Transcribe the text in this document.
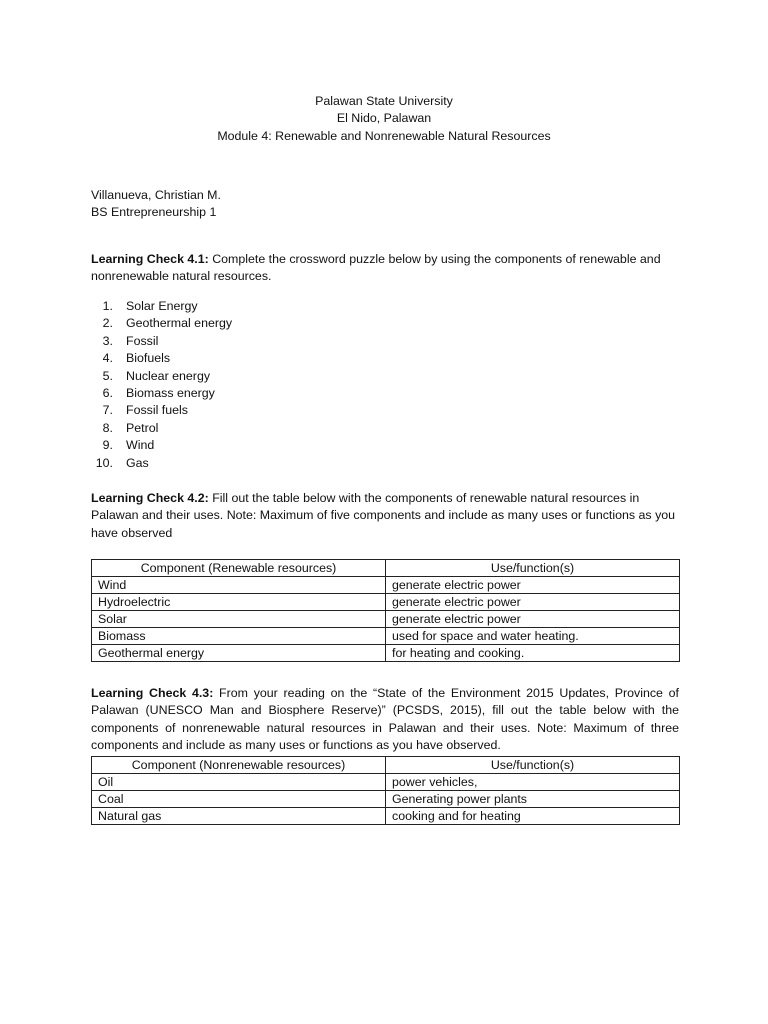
Palawan State University
El Nido, Palawan
Module 4: Renewable and Nonrenewable Natural Resources
Villanueva, Christian M.
BS Entrepreneurship 1
Learning Check 4.1: Complete the crossword puzzle below by using the components of renewable and nonrenewable natural resources.
1. Solar Energy
2. Geothermal energy
3. Fossil
4. Biofuels
5. Nuclear energy
6. Biomass energy
7. Fossil fuels
8. Petrol
9. Wind
10. Gas
Learning Check 4.2: Fill out the table below with the components of renewable natural resources in Palawan and their uses. Note: Maximum of five components and include as many uses or functions as you have observed
Component (Renewable resources)	Use/function(s)
Wind	generate electric power
Hydroelectric	generate electric power
Solar	generate electric power
Biomass	used for space and water heating.
Geothermal energy	for heating and cooking.
Learning Check 4.3: From your reading on the “State of the Environment 2015 Updates, Province of Palawan (UNESCO Man and Biosphere Reserve)” (PCSDS, 2015), fill out the table below with the components of nonrenewable natural resources in Palawan and their uses. Note: Maximum of three components and include as many uses or functions as you have observed.
Component (Nonrenewable resources)	Use/function(s)
Oil	power vehicles,
Coal	Generating power plants
Natural gas	cooking and for heating
